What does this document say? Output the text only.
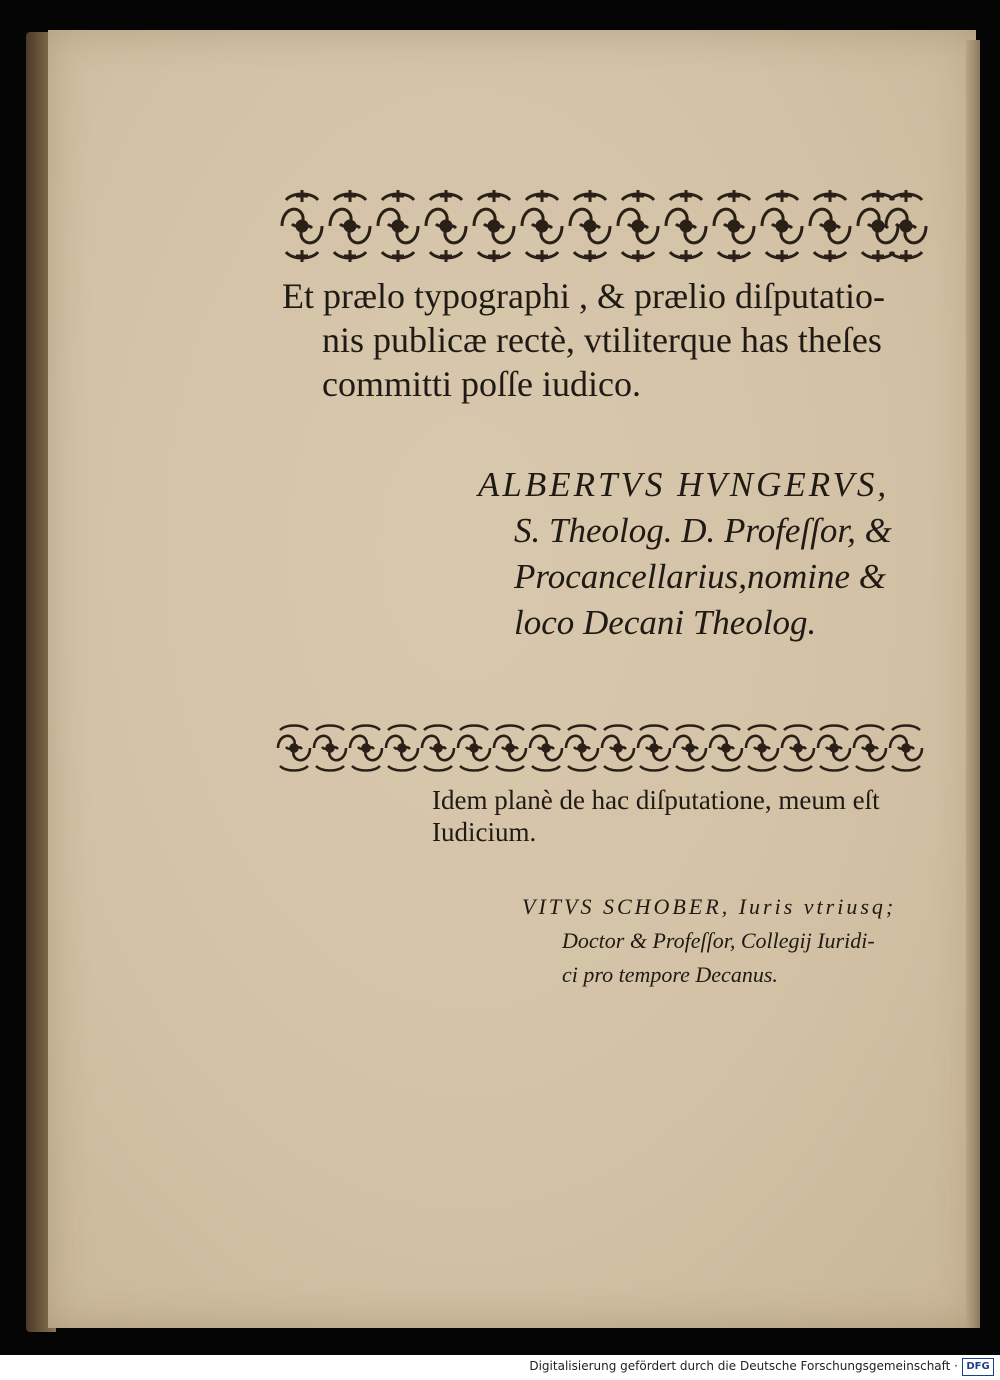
Et prælo typographi , & prælio diſputatio-
nis publicæ rectè, vtiliterque has theſes
committi poſſe iudico.
ALBERTVS HVNGERVS,
S. Theolog. D. Profeſſor, &
Procancellarius,nomine &
loco Decani Theolog.
Idem planè de hac diſputatione, meum eſt
Iudicium.
VITVS SCHOBER, Iuris vtriusq;
Doctor & Profeſſor, Collegij Iuridi-
ci pro tempore Decanus.
Digitalisierung gefördert durch die Deutsche Forschungsgemeinschaft · DFG
